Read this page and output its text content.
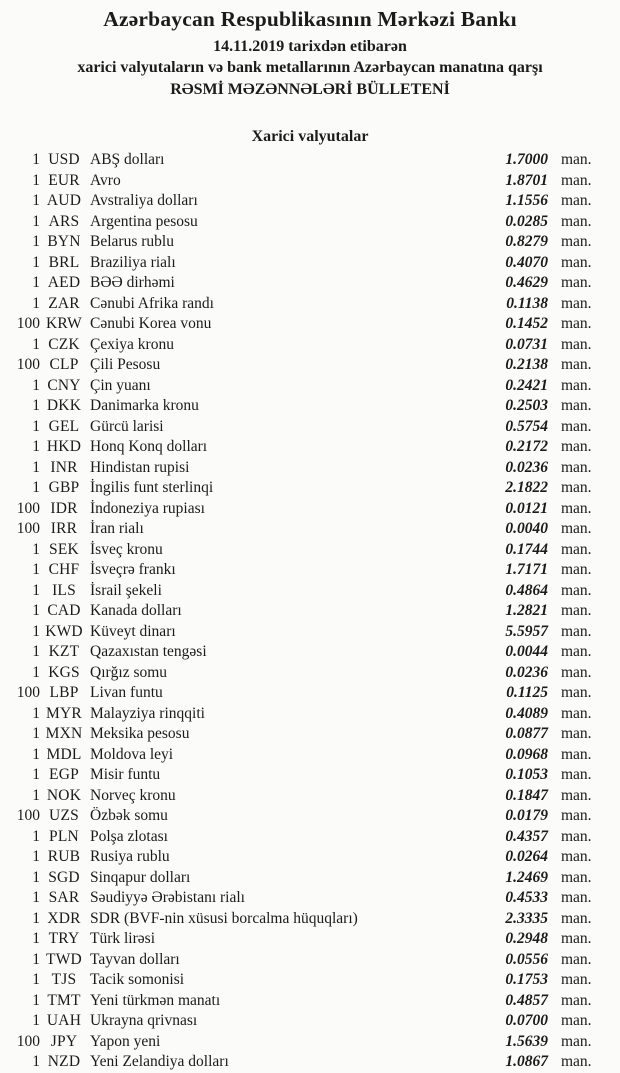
Azərbaycan Respublikasının Mərkəzi Bankı
14.11.2019 tarixdən etibarən
xarici valyutaların və bank metallarının Azərbaycan manatına qarşı
RƏSMİ MƏZƏNNƏLƏRİ BÜLLETENİ
Xarici valyutalar
1 USD ABŞ dolları	1.7000 man.
1 EUR Avro	1.8701 man.
1 AUD Avstraliya dolları	1.1556 man.
1 ARS Argentina pesosu	0.0285 man.
1 BYN Belarus rublu	0.8279 man.
1 BRL Braziliya rialı	0.4070 man.
1 AED BƏƏ dirhəmi	0.4629 man.
1 ZAR Cənubi Afrika randı	0.1138 man.
100 KRW Cənubi Korea vonu	0.1452 man.
1 CZK Çexiya kronu	0.0731 man.
100 CLP Çili Pesosu	0.2138 man.
1 CNY Çin yuanı	0.2421 man.
1 DKK Danimarka kronu	0.2503 man.
1 GEL Gürcü larisi	0.5754 man.
1 HKD Honq Konq dolları	0.2172 man.
1 INR Hindistan rupisi	0.0236 man.
1 GBP İngilis funt sterlinqi	2.1822 man.
100 IDR İndoneziya rupiası	0.0121 man.
100 IRR İran rialı	0.0040 man.
1 SEK İsveç kronu	0.1744 man.
1 CHF İsveçrə frankı	1.7171 man.
1 ILS İsrail şekeli	0.4864 man.
1 CAD Kanada dolları	1.2821 man.
1 KWD Küveyt dinarı	5.5957 man.
1 KZT Qazaxıstan tengəsi	0.0044 man.
1 KGS Qırğız somu	0.0236 man.
100 LBP Livan funtu	0.1125 man.
1 MYR Malayziya rinqqiti	0.4089 man.
1 MXN Meksika pesosu	0.0877 man.
1 MDL Moldova leyi	0.0968 man.
1 EGP Misir funtu	0.1053 man.
1 NOK Norveç kronu	0.1847 man.
100 UZS Özbək somu	0.0179 man.
1 PLN Polşa zlotası	0.4357 man.
1 RUB Rusiya rublu	0.0264 man.
1 SGD Sinqapur dolları	1.2469 man.
1 SAR Səudiyyə Ərəbistanı rialı	0.4533 man.
1 XDR SDR (BVF-nin xüsusi borcalma hüquqları)	2.3335 man.
1 TRY Türk lirəsi	0.2948 man.
1 TWD Tayvan dolları	0.0556 man.
1 TJS Tacik somonisi	0.1753 man.
1 TMT Yeni türkmən manatı	0.4857 man.
1 UAH Ukrayna qrivnası	0.0700 man.
100 JPY Yapon yeni	1.5639 man.
1 NZD Yeni Zelandiya dolları	1.0867 man.
